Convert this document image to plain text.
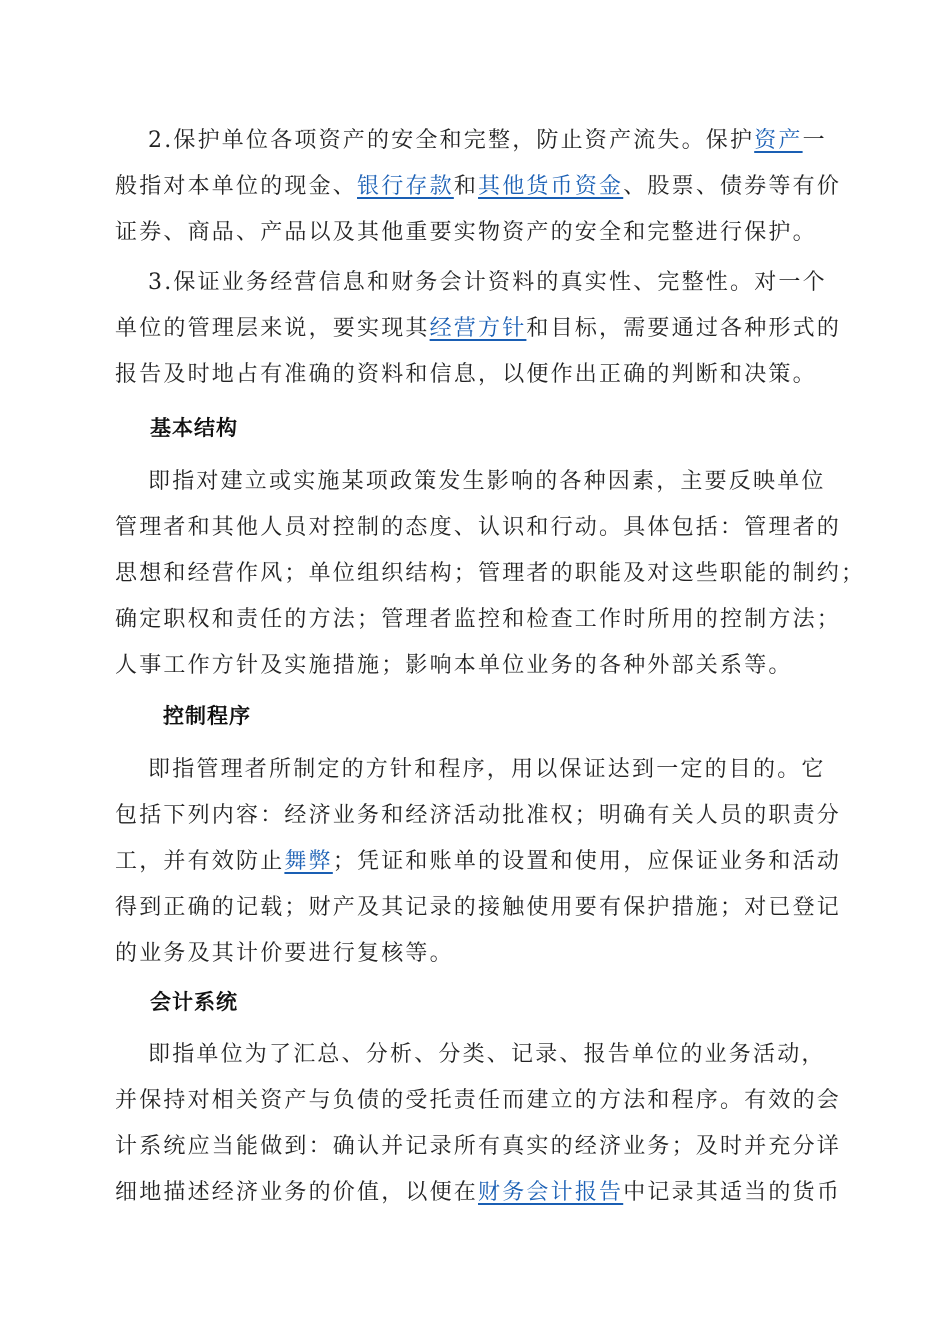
2.保护单位各项资产的安全和完整，防止资产流失。保护资产一
般指对本单位的现金、银行存款和其他货币资金、股票、债券等有价
证券、商品、产品以及其他重要实物资产的安全和完整进行保护。

3.保证业务经营信息和财务会计资料的真实性、完整性。对一个
单位的管理层来说，要实现其经营方针和目标，需要通过各种形式的
报告及时地占有准确的资料和信息，以便作出正确的判断和决策。

基本结构

即指对建立或实施某项政策发生影响的各种因素，主要反映单位
管理者和其他人员对控制的态度、认识和行动。具体包括：管理者的
思想和经营作风；单位组织结构；管理者的职能及对这些职能的制约；
确定职权和责任的方法；管理者监控和检查工作时所用的控制方法；
人事工作方针及实施措施；影响本单位业务的各种外部关系等。

控制程序

即指管理者所制定的方针和程序，用以保证达到一定的目的。它
包括下列内容：经济业务和经济活动批准权；明确有关人员的职责分
工，并有效防止舞弊；凭证和账单的设置和使用，应保证业务和活动
得到正确的记载；财产及其记录的接触使用要有保护措施；对已登记
的业务及其计价要进行复核等。

会计系统

即指单位为了汇总、分析、分类、记录、报告单位的业务活动，
并保持对相关资产与负债的受托责任而建立的方法和程序。有效的会
计系统应当能做到：确认并记录所有真实的经济业务；及时并充分详
细地描述经济业务的价值，以便在财务会计报告中记录其适当的货币
